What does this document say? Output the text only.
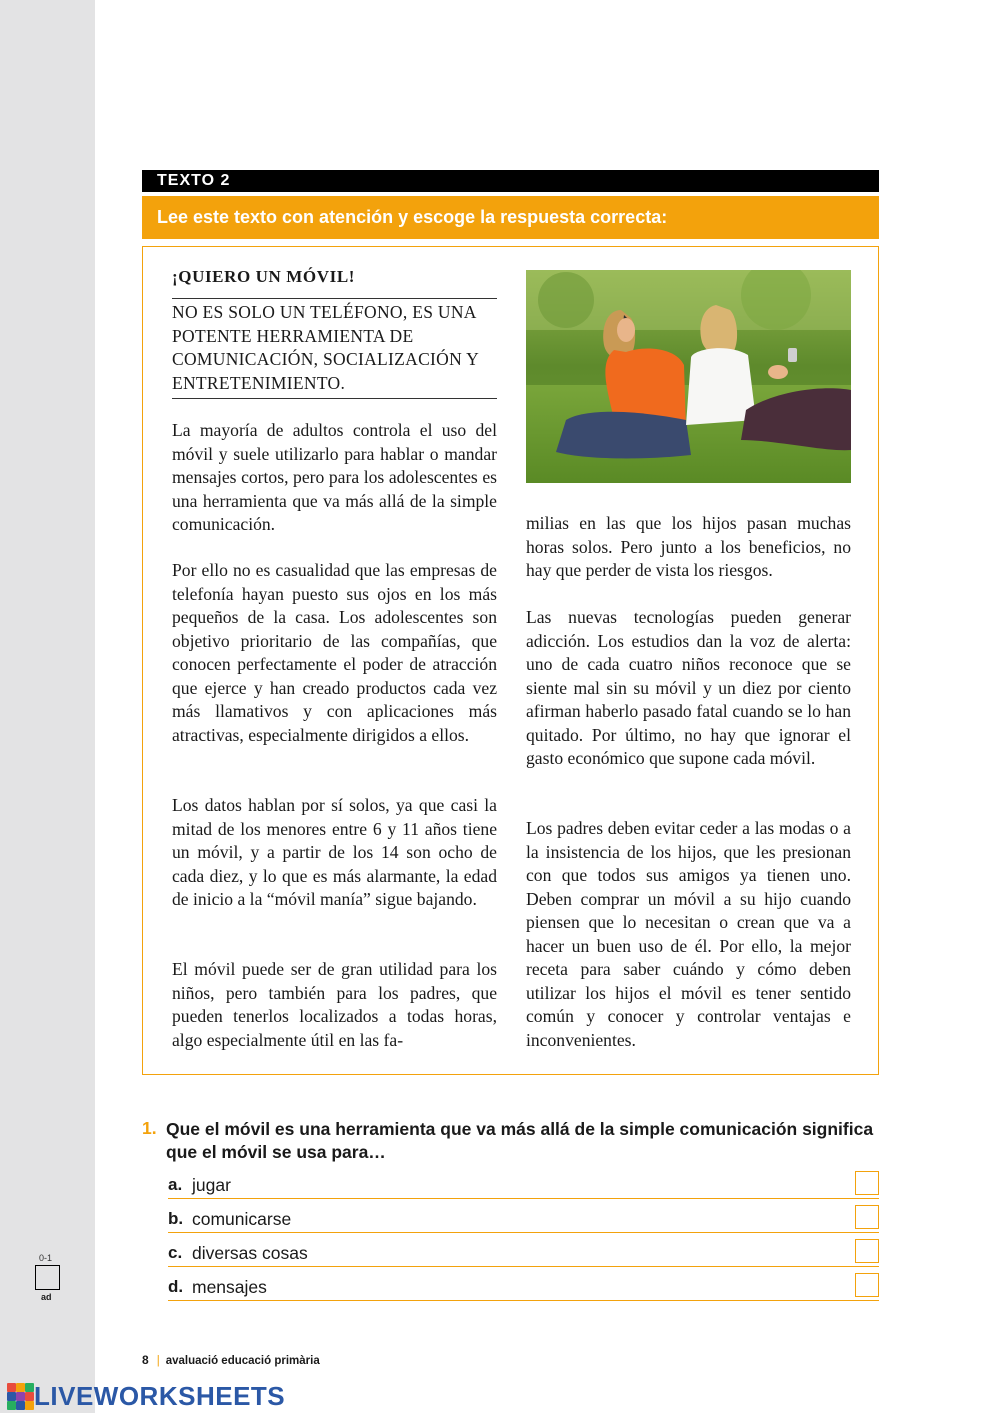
TEXTO 2
Lee este texto con atención y escoge la respuesta correcta:
¡QUIERO UN MÓVIL!
NO ES SOLO UN TELÉFONO, ES UNA POTENTE HERRAMIENTA DE COMUNICACIÓN, SOCIALIZACIÓN Y ENTRETENIMIENTO.

La mayoría de adultos controla el uso del móvil y suele utilizarlo para hablar o mandar mensajes cortos, pero para los adolescentes es una herramienta que va más allá de la simple comunicación.

Por ello no es casualidad que las empresas de telefonía hayan puesto sus ojos en los más pequeños de la casa. Los adolescentes son objetivo prioritario de las compañías, que conocen perfectamente el poder de atracción que ejerce y han creado productos cada vez más llamativos y con aplicaciones más atractivas, especialmente dirigidos a ellos.

Los datos hablan por sí solos, ya que casi la mitad de los menores entre 6 y 11 años tiene un móvil, y a partir de los 14 son ocho de cada diez, y lo que es más alarmante, la edad de inicio a la “móvil manía” sigue bajando.

El móvil puede ser de gran utilidad para los niños, pero también para los padres, que pueden tenerlos localizados a todas horas, algo especialmente útil en las fa-

milias en las que los hijos pasan muchas horas solos. Pero junto a los beneficios, no hay que perder de vista los riesgos.

Las nuevas tecnologías pueden generar adicción. Los estudios dan la voz de alerta: uno de cada cuatro niños reconoce que se siente mal sin su móvil y un diez por ciento afirman haberlo pasado fatal cuando se lo han quitado. Por último, no hay que ignorar el gasto económico que supone cada móvil.

Los padres deben evitar ceder a las modas o a la insistencia de los hijos, que les presionan con que todos sus amigos ya tienen uno. Deben comprar un móvil a su hijo cuando piensen que lo necesitan o crean que va a hacer un buen uso de él. Por ello, la mejor receta para saber cuándo y cómo deben utilizar los hijos el móvil es tener sentido común y conocer y controlar ventajas e inconvenientes.

1. Que el móvil es una herramienta que va más allá de la simple comunicación significa que el móvil se usa para…
a. jugar
b. comunicarse
c. diversas cosas
d. mensajes
0-1
ad
8 | avaluació educació primària
LIVEWORKSHEETS
